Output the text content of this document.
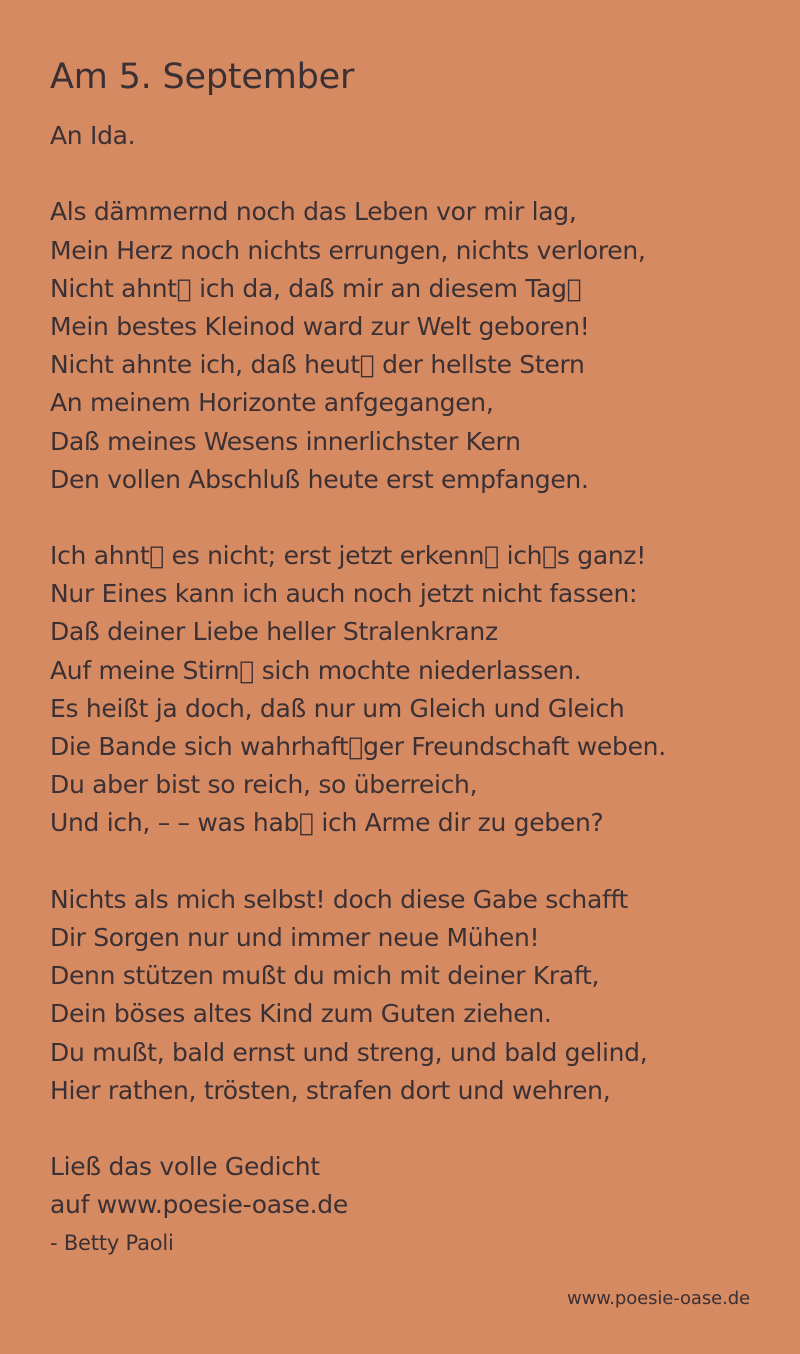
Am 5. September
An Ida.
Als dämmernd noch das Leben vor mir lag,
Mein Herz noch nichts errungen, nichts verloren,
Nicht ahnt￾ ich da, daß mir an diesem Tag￾
Mein bestes Kleinod ward zur Welt geboren!
Nicht ahnte ich, daß heut￾ der hellste Stern
An meinem Horizonte anfgegangen,
Daß meines Wesens innerlichster Kern
Den vollen Abschluß heute erst empfangen.
Ich ahnt￾ es nicht; erst jetzt erkenn￾ ich￾s ganz!
Nur Eines kann ich auch noch jetzt nicht fassen:
Daß deiner Liebe heller Stralenkranz
Auf meine Stirn￾ sich mochte niederlassen.
Es heißt ja doch, daß nur um Gleich und Gleich
Die Bande sich wahrhaft￾ger Freundschaft weben.
Du aber bist so reich, so überreich,
Und ich, – – was hab￾ ich Arme dir zu geben?
Nichts als mich selbst! doch diese Gabe schafft
Dir Sorgen nur und immer neue Mühen!
Denn stützen mußt du mich mit deiner Kraft,
Dein böses altes Kind zum Guten ziehen.
Du mußt, bald ernst und streng, und bald gelind,
Hier rathen, trösten, strafen dort und wehren,
Ließ das volle Gedicht
auf www.poesie-oase.de
- Betty Paoli
www.poesie-oase.de
